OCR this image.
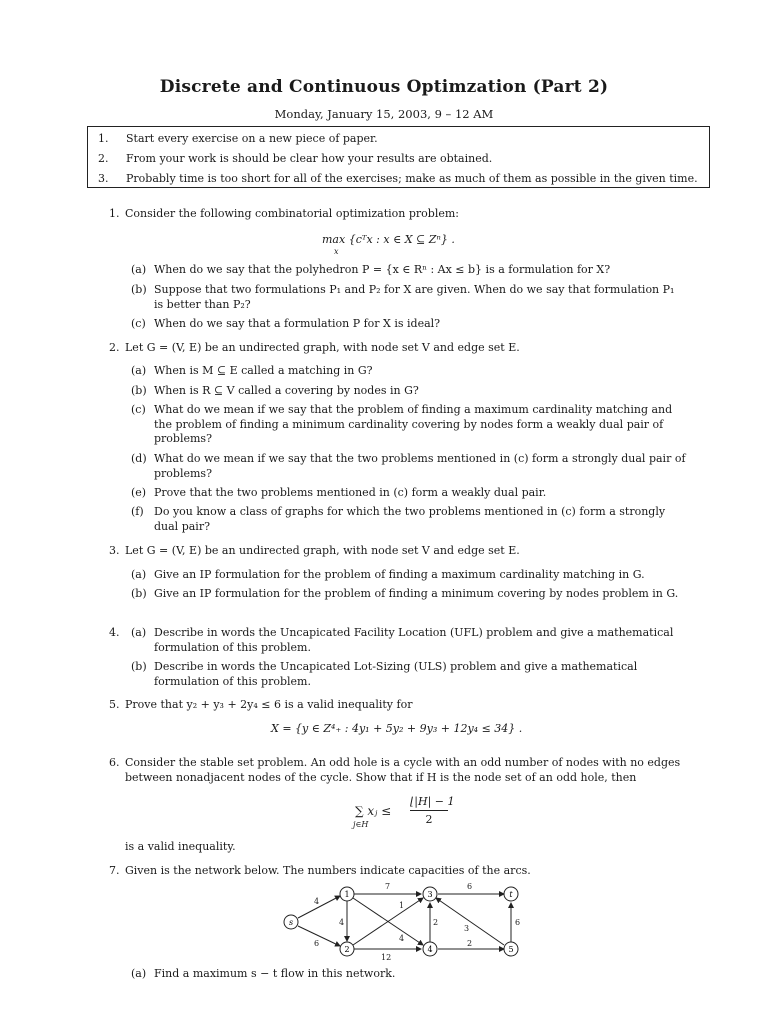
Discrete and Continuous Optimzation (Part 2)
Monday, January 15, 2003, 9 – 12 AM
1. Start every exercise on a new piece of paper.
2. From your work is should be clear how your results are obtained.
3. Probably time is too short for all of the exercises; make as much of them as possible in the given time.
1. Consider the following combinatorial optimization problem:
max {cᵀx : x ∈ X ⊆ Zⁿ} .
x
(a) When do we say that the polyhedron P = {x ∈ Rⁿ : Ax ≤ b} is a formulation for X?
(b) Suppose that two formulations P₁ and P₂ for X are given. When do we say that formulation P₁ is better than P₂?
(c) When do we say that a formulation P for X is ideal?
2. Let G = (V, E) be an undirected graph, with node set V and edge set E.
(a) When is M ⊆ E called a matching in G?
(b) When is R ⊆ V called a covering by nodes in G?
(c) What do we mean if we say that the problem of finding a maximum cardinality matching and the problem of finding a minimum cardinality covering by nodes form a weakly dual pair of problems?
(d) What do we mean if we say that the two problems mentioned in (c) form a strongly dual pair of problems?
(e) Prove that the two problems mentioned in (c) form a weakly dual pair.
(f) Do you know a class of graphs for which the two problems mentioned in (c) form a strongly dual pair?
3. Let G = (V, E) be an undirected graph, with node set V and edge set E.
(a) Give an IP formulation for the problem of finding a maximum cardinality matching in G.
(b) Give an IP formulation for the problem of finding a minimum covering by nodes problem in G.
4. (a) Describe in words the Uncapicated Facility Location (UFL) problem and give a mathematical formulation of this problem.
(b) Describe in words the Uncapicated Lot-Sizing (ULS) problem and give a mathematical formulation of this problem.
5. Prove that y₂ + y₃ + 2y₄ ≤ 6 is a valid inequality for
X = {y ∈ Z⁴₊ : 4y₁ + 5y₂ + 9y₃ + 12y₄ ≤ 34} .
6. Consider the stable set problem. An odd hole is a cycle with an odd number of nodes with no edges between nonadjacent nodes of the cycle. Show that if H is the node set of an odd hole, then
∑ xⱼ ≤
j∈H
⌊|H| − 1
2
is a valid inequality.
7. Given is the network below. The numbers indicate capacities of the arcs.
s
1
2
3
4	5
t
4
6
7
4
1
12
2
4
6
3
2
6
(a) Find a maximum s − t flow in this network.
